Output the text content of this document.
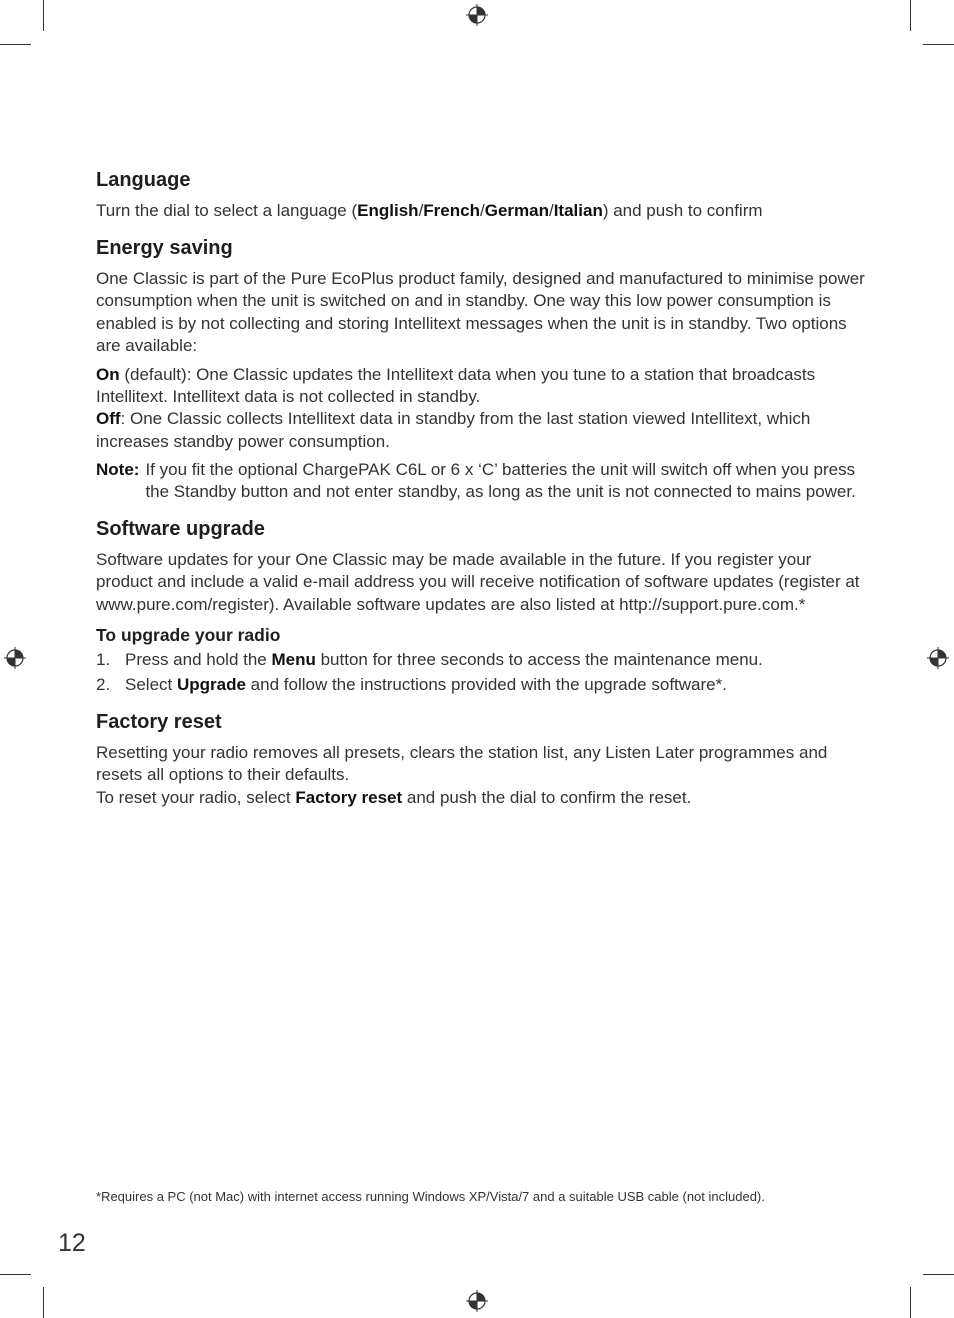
Language

Turn the dial to select a language (English/French/German/Italian) and push to confirm

Energy saving

One Classic is part of the Pure EcoPlus product family, designed and manufactured to minimise power consumption when the unit is switched on and in standby. One way this low power consumption is enabled is by not collecting and storing Intellitext messages when the unit is in standby. Two options are available:

On (default): One Classic updates the Intellitext data when you tune to a station that broadcasts Intellitext. Intellitext data is not collected in standby.

Off: One Classic collects Intellitext data in standby from the last station viewed Intellitext, which increases standby power consumption.

Note: If you fit the optional ChargePAK C6L or 6 x ‘C’ batteries the unit will switch off when you press the Standby button and not enter standby, as long as the unit is not connected to mains power.
Software upgrade

Software updates for your One Classic may be made available in the future. If you register your product and include a valid e-mail address you will receive notification of software updates (register at www.pure.com/register). Available software updates are also listed at http://support.pure.com.*

To upgrade your radio
1. Press and hold the Menu button for three seconds to access the maintenance menu.
2. Select Upgrade and follow the instructions provided with the upgrade software*.
Factory reset

Resetting your radio removes all presets, clears the station list, any Listen Later programmes and resets all options to their defaults.

To reset your radio, select Factory reset and push the dial to confirm the reset.

*Requires a PC (not Mac) with internet access running Windows XP/Vista/7 and a suitable USB cable (not included).
12
